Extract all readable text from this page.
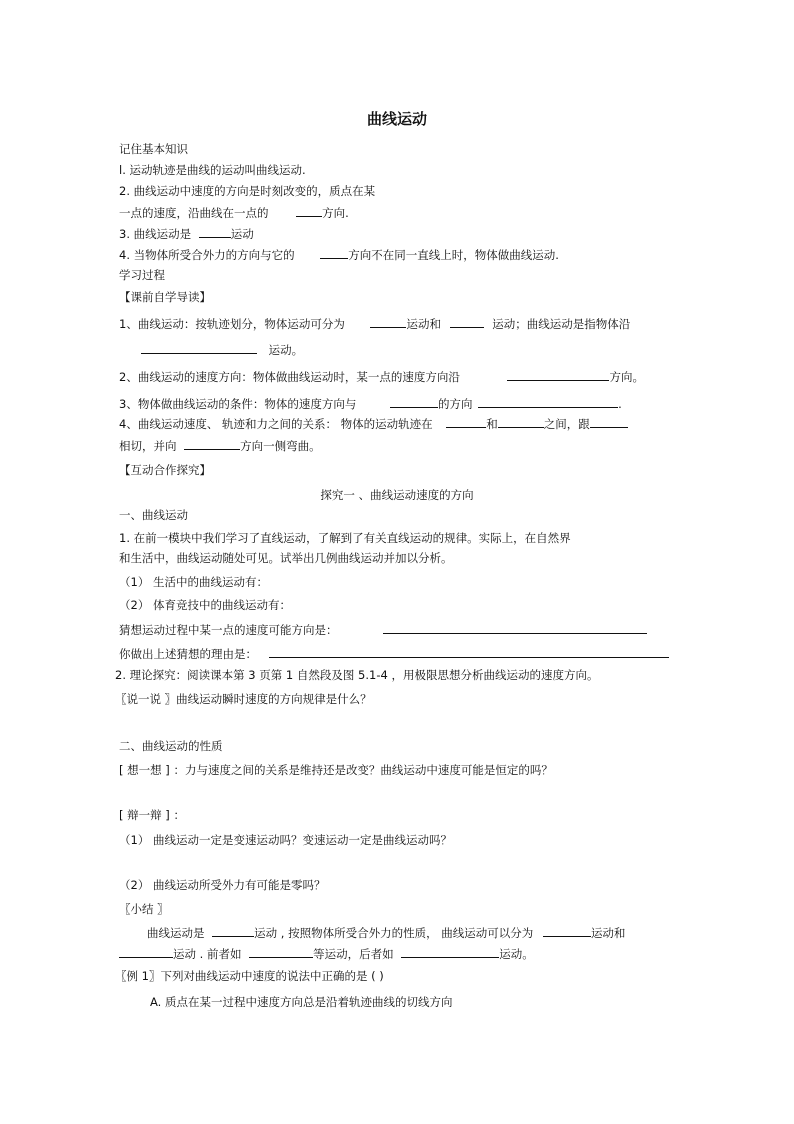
曲线运动
记住基本知识
l. 运动轨迹是曲线的运动叫曲线运动.
2. 曲线运动中速度的方向是时刻改变的，质点在某
一点的速度，沿曲线在一点的	方向.
3. 曲线运动是	运动
4. 当物体所受合外力的方向与它的	方向不在同一直线上时，物体做曲线运动.
学习过程
【课前自学导读】
1、曲线运动：按轨迹划分，物体运动可分为	运动和	运动；曲线运动是指物体沿
运动。
2、曲线运动的速度方向：物体做曲线运动时，某一点的速度方向沿	方向。
3、物体做曲线运动的条件：物体的速度方向与	的方向	.
4、曲线运动速度、 轨迹和力之间的关系： 物体的运动轨迹在	和	之间，跟
相切，并向	方向一侧弯曲。
【互动合作探究】
探究一 、曲线运动速度的方向
一、曲线运动
1. 在前一模块中我们学习了直线运动，了解到了有关直线运动的规律。实际上，在自然界
和生活中，曲线运动随处可见。试举出几例曲线运动并加以分析。
（1） 生活中的曲线运动有：
（2） 体育竞技中的曲线运动有：
猜想运动过程中某一点的速度可能方向是：
你做出上述猜想的理由是：
2. 理论探究：阅读课本第 3 页第 1 自然段及图 5.1-4 ，用极限思想分析曲线运动的速度方向。
〖说一说 〗曲线运动瞬时速度的方向规律是什么？
二、曲线运动的性质
[ 想一想 ] ：力与速度之间的关系是维持还是改变？曲线运动中速度可能是恒定的吗？
[ 辩一辩 ] ：
（1） 曲线运动一定是变速运动吗？变速运动一定是曲线运动吗？
（2） 曲线运动所受外力有可能是零吗？
〖小结 〗
曲线运动是	运动 , 按照物体所受合外力的性质， 曲线运动可以分为	运动和
运动 . 前者如	等运动，后者如	运动。
〖例 1〗下列对曲线运动中速度的说法中正确的是 ( )
A. 质点在某一过程中速度方向总是沿着轨迹曲线的切线方向
